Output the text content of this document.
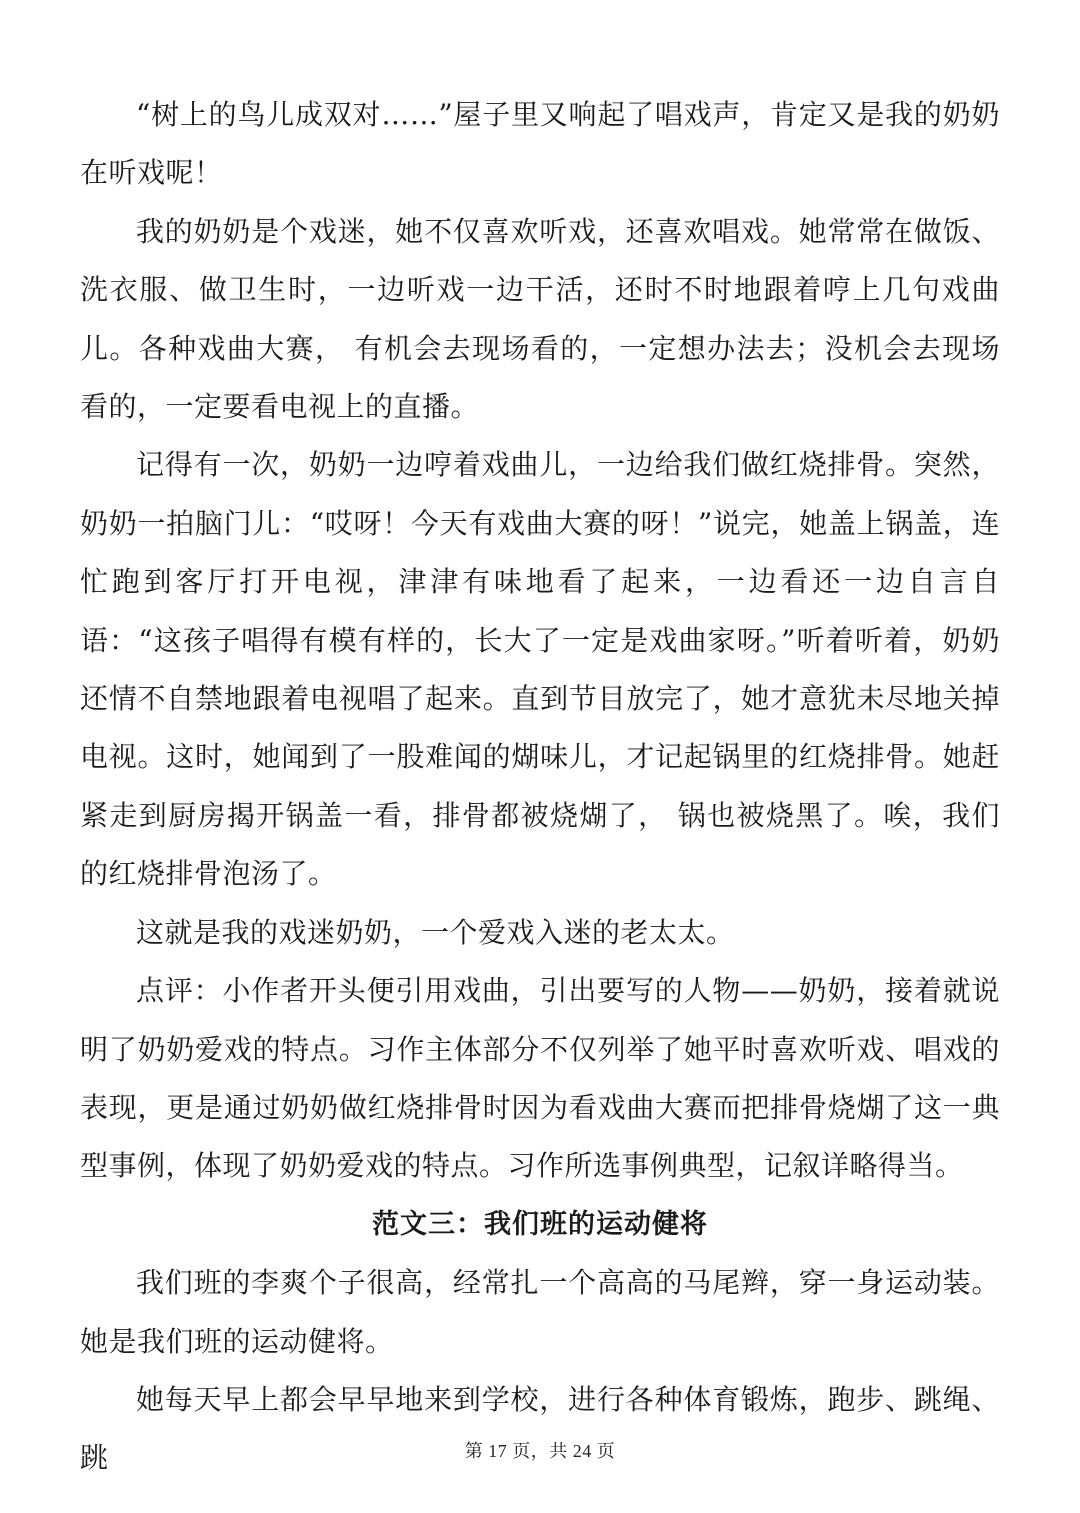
“树上的鸟儿成双对……”屋子里又响起了唱戏声，肯定又是我的奶奶在听戏呢！

我的奶奶是个戏迷，她不仅喜欢听戏，还喜欢唱戏。她常常在做饭、洗衣服、做卫生时，一边听戏一边干活，还时不时地跟着哼上几句戏曲儿。各种戏曲大赛， 有机会去现场看的，一定想办法去；没机会去现场看的，一定要看电视上的直播。

记得有一次，奶奶一边哼着戏曲儿，一边给我们做红烧排骨。突然，奶奶一拍脑门儿：“哎呀！今天有戏曲大赛的呀！”说完，她盖上锅盖，连忙跑到客厅打开电视，津津有味地看了起来，一边看还一边自言自语：“这孩子唱得有模有样的，长大了一定是戏曲家呀。”听着听着，奶奶还情不自禁地跟着电视唱了起来。直到节目放完了，她才意犹未尽地关掉电视。这时，她闻到了一股难闻的煳味儿，才记起锅里的红烧排骨。她赶紧走到厨房揭开锅盖一看，排骨都被烧煳了， 锅也被烧黑了。唉，我们的红烧排骨泡汤了。

这就是我的戏迷奶奶，一个爱戏入迷的老太太。

点评：小作者开头便引用戏曲，引出要写的人物——奶奶，接着就说明了奶奶爱戏的特点。习作主体部分不仅列举了她平时喜欢听戏、唱戏的表现，更是通过奶奶做红烧排骨时因为看戏曲大赛而把排骨烧煳了这一典型事例，体现了奶奶爱戏的特点。习作所选事例典型，记叙详略得当。

范文三：我们班的运动健将

我们班的李爽个子很高，经常扎一个高高的马尾辫，穿一身运动装。她是我们班的运动健将。

她每天早上都会早早地来到学校，进行各种体育锻炼，跑步、跳绳、跳	第 17 页，共 24 页
